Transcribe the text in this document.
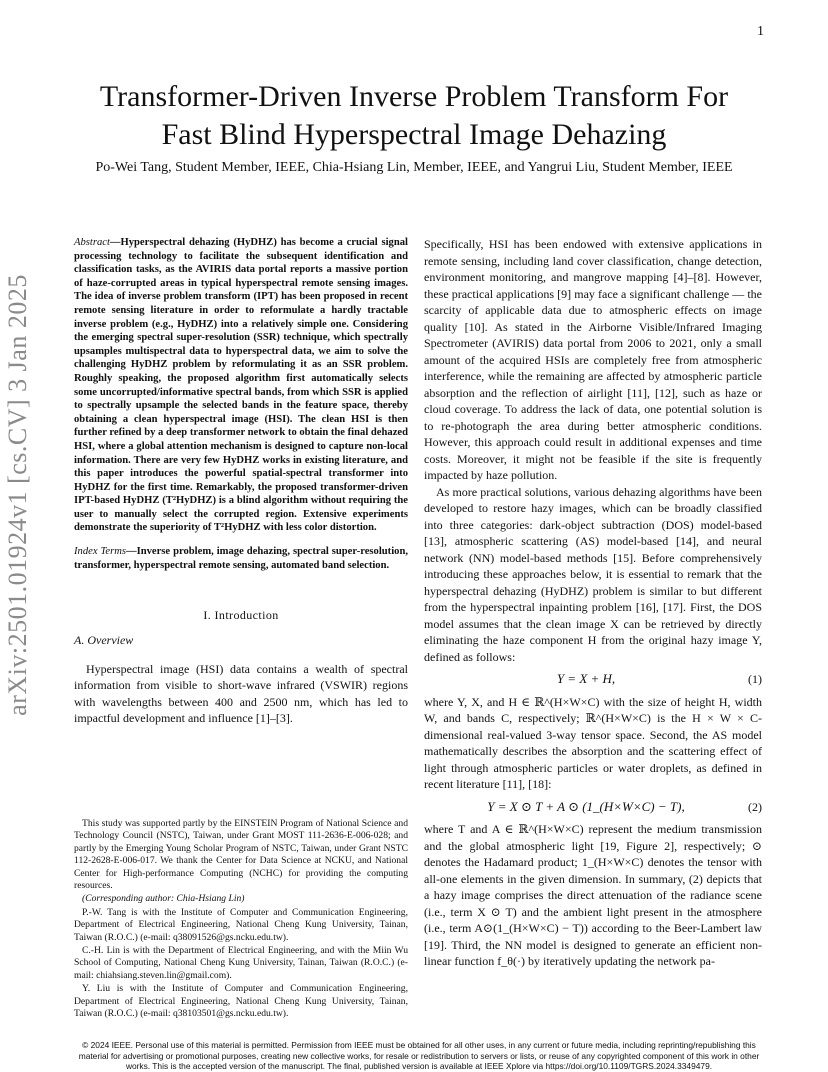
1
arXiv:2501.01924v1 [cs.CV] 3 Jan 2025
Transformer-Driven Inverse Problem Transform For
Fast Blind Hyperspectral Image Dehazing
Po-Wei Tang, Student Member, IEEE, Chia-Hsiang Lin, Member, IEEE, and Yangrui Liu, Student Member, IEEE

Abstract—Hyperspectral dehazing (HyDHZ) has become a crucial signal processing technology to facilitate the subsequent identification and classification tasks, as the AVIRIS data portal reports a massive portion of haze-corrupted areas in typical hyperspectral remote sensing images. The idea of inverse problem transform (IPT) has been proposed in recent remote sensing literature in order to reformulate a hardly tractable inverse problem (e.g., HyDHZ) into a relatively simple one. Considering the emerging spectral super-resolution (SSR) technique, which spectrally upsamples multispectral data to hyperspectral data, we aim to solve the challenging HyDHZ problem by reformulating it as an SSR problem. Roughly speaking, the proposed algorithm first automatically selects some uncorrupted/informative spectral bands, from which SSR is applied to spectrally upsample the selected bands in the feature space, thereby obtaining a clean hyperspectral image (HSI). The clean HSI is then further refined by a deep transformer network to obtain the final dehazed HSI, where a global attention mechanism is designed to capture non-local information. There are very few HyDHZ works in existing literature, and this paper introduces the powerful spatial-spectral transformer into HyDHZ for the first time. Remarkably, the proposed transformer-driven IPT-based HyDHZ (T²HyDHZ) is a blind algorithm without requiring the user to manually select the corrupted region. Extensive experiments demonstrate the superiority of T²HyDHZ with less color distortion.

Index Terms—Inverse problem, image dehazing, spectral super-resolution, transformer, hyperspectral remote sensing, automated band selection.

I. Introduction
A. Overview

Hyperspectral image (HSI) data contains a wealth of spectral information from visible to short-wave infrared (VSWIR) regions with wavelengths between 400 and 2500 nm, which has led to impactful development and influence [1]–[3].

This study was supported partly by the EINSTEIN Program of National Science and Technology Council (NSTC), Taiwan, under Grant MOST 111-2636-E-006-028; and partly by the Emerging Young Scholar Program of NSTC, Taiwan, under Grant NSTC 112-2628-E-006-017. We thank the Center for Data Science at NCKU, and National Center for High-performance Computing (NCHC) for providing the computing resources.

(Corresponding author: Chia-Hsiang Lin)

P.-W. Tang is with the Institute of Computer and Communication Engineering, Department of Electrical Engineering, National Cheng Kung University, Tainan, Taiwan (R.O.C.) (e-mail: q38091526@gs.ncku.edu.tw).

C.-H. Lin is with the Department of Electrical Engineering, and with the Miin Wu School of Computing, National Cheng Kung University, Tainan, Taiwan (R.O.C.) (e-mail: chiahsiang.steven.lin@gmail.com).

Y. Liu is with the Institute of Computer and Communication Engineering, Department of Electrical Engineering, National Cheng Kung University, Tainan, Taiwan (R.O.C.) (e-mail: q38103501@gs.ncku.edu.tw).

Specifically, HSI has been endowed with extensive applications in remote sensing, including land cover classification, change detection, environment monitoring, and mangrove mapping [4]–[8]. However, these practical applications [9] may face a significant challenge — the scarcity of applicable data due to atmospheric effects on image quality [10]. As stated in the Airborne Visible/Infrared Imaging Spectrometer (AVIRIS) data portal from 2006 to 2021, only a small amount of the acquired HSIs are completely free from atmospheric interference, while the remaining are affected by atmospheric particle absorption and the reflection of airlight [11], [12], such as haze or cloud coverage. To address the lack of data, one potential solution is to re-photograph the area during better atmospheric conditions. However, this approach could result in additional expenses and time costs. Moreover, it might not be feasible if the site is frequently impacted by haze pollution.

As more practical solutions, various dehazing algorithms have been developed to restore hazy images, which can be broadly classified into three categories: dark-object subtraction (DOS) model-based [13], atmospheric scattering (AS) model-based [14], and neural network (NN) model-based methods [15]. Before comprehensively introducing these approaches below, it is essential to remark that the hyperspectral dehazing (HyDHZ) problem is similar to but different from the hyperspectral inpainting problem [16], [17]. First, the DOS model assumes that the clean image X can be retrieved by directly eliminating the haze component H from the original hazy image Y, defined as follows:

Y = X + H,	(1)

where Y, X, and H ∈ ℝ^(H×W×C) with the size of height H, width W, and bands C, respectively; ℝ^(H×W×C) is the H × W × C-dimensional real-valued 3-way tensor space. Second, the AS model mathematically describes the absorption and the scattering effect of light through atmospheric particles or water droplets, as defined in recent literature [11], [18]:

Y = X ⊙ T + A ⊙ (1_(H×W×C) − T),	(2)

where T and A ∈ ℝ^(H×W×C) represent the medium transmission and the global atmospheric light [19, Figure 2], respectively; ⊙ denotes the Hadamard product; 1_(H×W×C) denotes the tensor with all-one elements in the given dimension. In summary, (2) depicts that a hazy image comprises the direct attenuation of the radiance scene (i.e., term X ⊙ T) and the ambient light present in the atmosphere (i.e., term A⊙(1_(H×W×C) − T)) according to the Beer-Lambert law [19]. Third, the NN model is designed to generate an efficient non-linear function f_θ(·) by iteratively updating the network pa-

© 2024 IEEE. Personal use of this material is permitted. Permission from IEEE must be obtained for all other uses, in any current or future media, including reprinting/republishing this material for advertising or promotional purposes, creating new collective works, for resale or redistribution to servers or lists, or reuse of any copyrighted component of this work in other works. This is the accepted version of the manuscript. The final, published version is available at IEEE Xplore via https://doi.org/10.1109/TGRS.2024.3349479.
